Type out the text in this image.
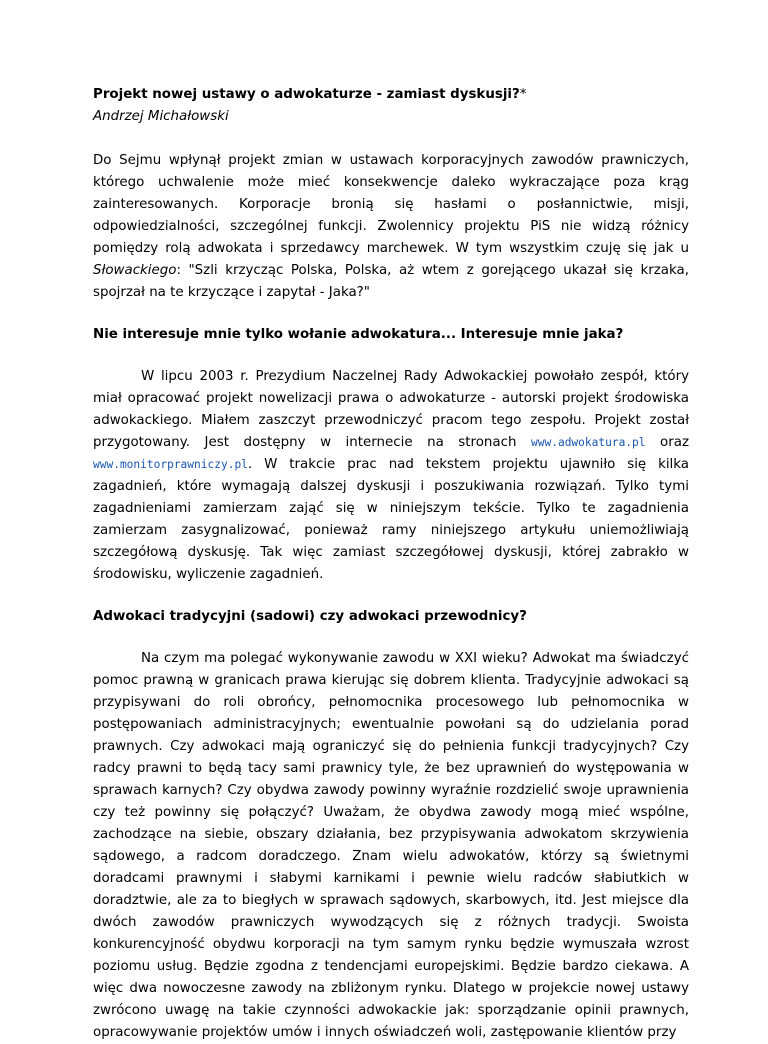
Projekt nowej ustawy o adwokaturze - zamiast dyskusji?*
Andrzej Michałowski

Do Sejmu wpłynął projekt zmian w ustawach korporacyjnych zawodów prawniczych, którego uchwalenie może mieć konsekwencje daleko wykraczające poza krąg zainteresowanych. Korporacje bronią się hasłami o posłannictwie, misji, odpowiedzialności, szczególnej funkcji. Zwolennicy projektu PiS nie widzą różnicy pomiędzy rolą adwokata i sprzedawcy marchewek. W tym wszystkim czuję się jak u Słowackiego: "Szli krzycząc Polska, Polska, aż wtem z gorejącego ukazał się krzaka, spojrzał na te krzyczące i zapytał - Jaka?"

Nie interesuje mnie tylko wołanie adwokatura... Interesuje mnie jaka?

W lipcu 2003 r. Prezydium Naczelnej Rady Adwokackiej powołało zespół, który miał opracować projekt nowelizacji prawa o adwokaturze - autorski projekt środowiska adwokackiego. Miałem zaszczyt przewodniczyć pracom tego zespołu. Projekt został przygotowany. Jest dostępny w internecie na stronach www.adwokatura.pl oraz www.monitorprawniczy.pl. W trakcie prac nad tekstem projektu ujawniło się kilka zagadnień, które wymagają dalszej dyskusji i poszukiwania rozwiązań. Tylko tymi zagadnieniami zamierzam zająć się w niniejszym tekście. Tylko te zagadnienia zamierzam zasygnalizować, ponieważ ramy niniejszego artykułu uniemożliwiają szczegółową dyskusję. Tak więc zamiast szczegółowej dyskusji, której zabrakło w środowisku, wyliczenie zagadnień.

Adwokaci tradycyjni (sadowi) czy adwokaci przewodnicy?

Na czym ma polegać wykonywanie zawodu w XXI wieku? Adwokat ma świadczyć pomoc prawną w granicach prawa kierując się dobrem klienta. Tradycyjnie adwokaci są przypisywani do roli obrońcy, pełnomocnika procesowego lub pełnomocnika w postępowaniach administracyjnych; ewentualnie powołani są do udzielania porad prawnych. Czy adwokaci mają ograniczyć się do pełnienia funkcji tradycyjnych? Czy radcy prawni to będą tacy sami prawnicy tyle, że bez uprawnień do występowania w sprawach karnych? Czy obydwa zawody powinny wyraźnie rozdzielić swoje uprawnienia czy też powinny się połączyć? Uważam, że obydwa zawody mogą mieć wspólne, zachodzące na siebie, obszary działania, bez przypisywania adwokatom skrzywienia sądowego, a radcom doradczego. Znam wielu adwokatów, którzy są świetnymi doradcami prawnymi i słabymi karnikami i pewnie wielu radców słabiutkich w doradztwie, ale za to biegłych w sprawach sądowych, skarbowych, itd. Jest miejsce dla dwóch zawodów prawniczych wywodzących się z różnych tradycji. Swoista konkurencyjność obydwu korporacji na tym samym rynku będzie wymuszała wzrost poziomu usług. Będzie zgodna z tendencjami europejskimi. Będzie bardzo ciekawa. A więc dwa nowoczesne zawody na zbliżonym rynku. Dlatego w projekcie nowej ustawy zwrócono uwagę na takie czynności adwokackie jak: sporządzanie opinii prawnych, opracowywanie projektów umów i innych oświadczeń woli, zastępowanie klientów przy
